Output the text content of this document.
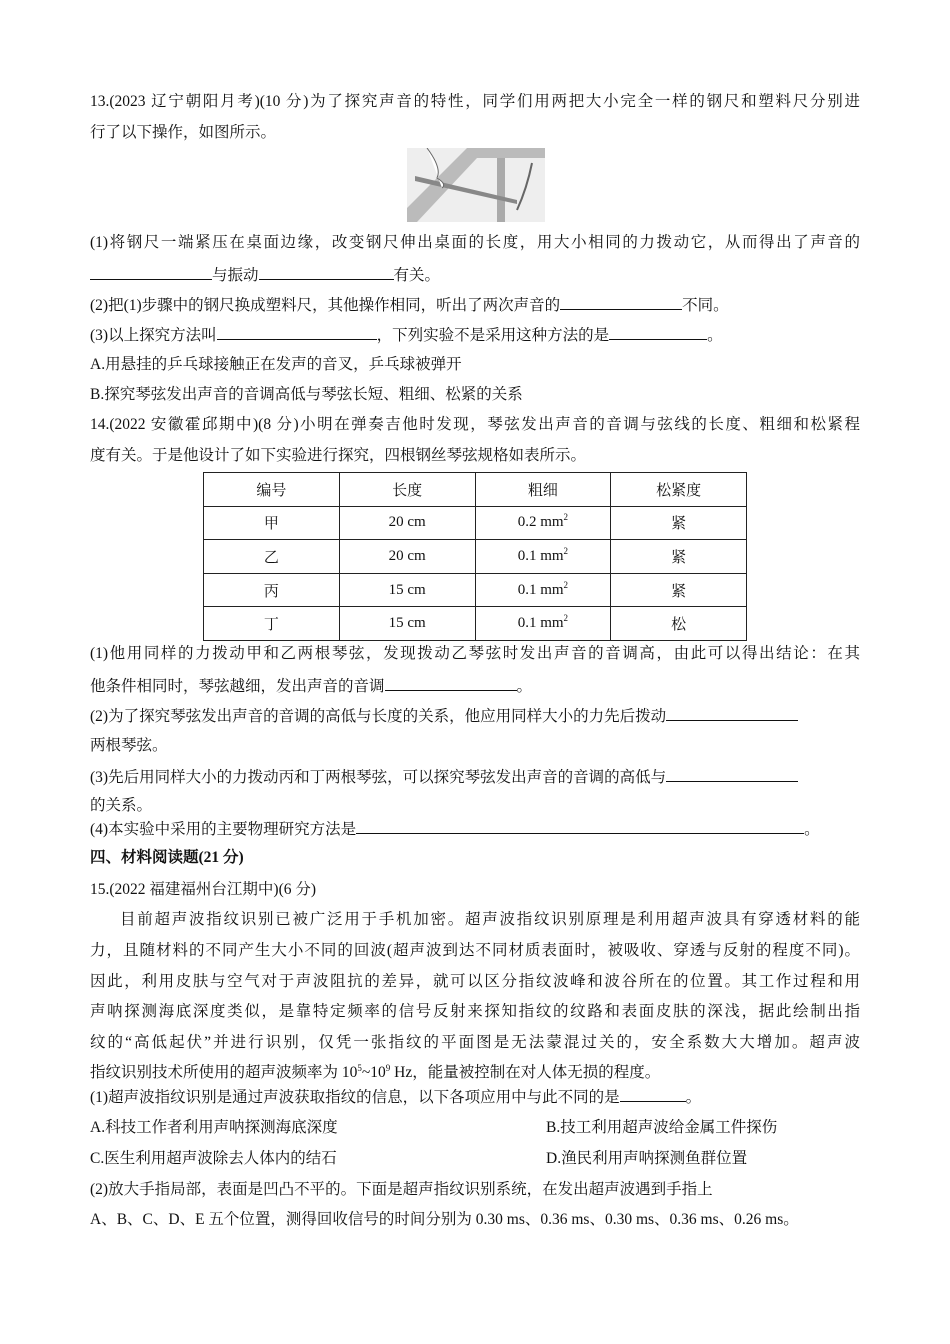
13.(2023 辽宁朝阳月考)(10 分)为了探究声音的特性，同学们用两把大小完全一样的钢尺和塑料尺分别进
行了以下操作，如图所示。
(1)将钢尺一端紧压在桌面边缘，改变钢尺伸出桌面的长度，用大小相同的力拨动它，从而得出了声音的
与振动	有关。
(2)把(1)步骤中的钢尺换成塑料尺，其他操作相同，听出了两次声音的	不同。
(3)以上探究方法叫	，下列实验不是采用这种方法的是	。
A.用悬挂的乒乓球接触正在发声的音叉，乒乓球被弹开
B.探究琴弦发出声音的音调高低与琴弦长短、粗细、松紧的关系
14.(2022 安徽霍邱期中)(8 分)小明在弹奏吉他时发现，琴弦发出声音的音调与弦线的长度、粗细和松紧程
度有关。于是他设计了如下实验进行探究，四根钢丝琴弦规格如表所示。
编号	长度	粗细	松紧度
甲	20 cm	0.2 $mm^2$	紧
乙	20 cm	0.1 $mm^2$	紧
丙	15 cm	0.1 $mm^2$	紧
丁	15 cm	0.1 $mm^2$	松
(1)他用同样的力拨动甲和乙两根琴弦，发现拨动乙琴弦时发出声音的音调高，由此可以得出结论：在其
他条件相同时，琴弦越细，发出声音的音调	。
(2)为了探究琴弦发出声音的音调的高低与长度的关系，他应用同样大小的力先后拨动
两根琴弦。
(3)先后用同样大小的力拨动丙和丁两根琴弦，可以探究琴弦发出声音的音调的高低与
的关系。
(4)本实验中采用的主要物理研究方法是	。
四、材料阅读题(21 分)
15.(2022 福建福州台江期中)(6 分)
目前超声波指纹识别已被广泛用于手机加密。超声波指纹识别原理是利用超声波具有穿透材料的能
力，且随材料的不同产生大小不同的回波(超声波到达不同材质表面时，被吸收、穿透与反射的程度不同)。
因此，利用皮肤与空气对于声波阻抗的差异，就可以区分指纹波峰和波谷所在的位置。其工作过程和用
声呐探测海底深度类似，是靠特定频率的信号反射来探知指纹的纹路和表面皮肤的深浅，据此绘制出指
纹的“高低起伏”并进行识别，仅凭一张指纹的平面图是无法蒙混过关的，安全系数大大增加。超声波
指纹识别技术所使用的超声波频率为 $10^5\sim 10^9$ Hz，能量被控制在对人体无损的程度。
(1)超声波指纹识别是通过声波获取指纹的信息，以下各项应用中与此不同的是	。
A.科技工作者利用声呐探测海底深度	B.技工利用超声波给金属工件探伤
C.医生利用超声波除去人体内的结石	D.渔民利用声呐探测鱼群位置
(2)放大手指局部，表面是凹凸不平的。下面是超声指纹识别系统，在发出超声波遇到手指上
A、B、C、D、E 五个位置，测得回收信号的时间分别为 0.30 ms、0.36 ms、0.30 ms、0.36 ms、0.26 ms。
